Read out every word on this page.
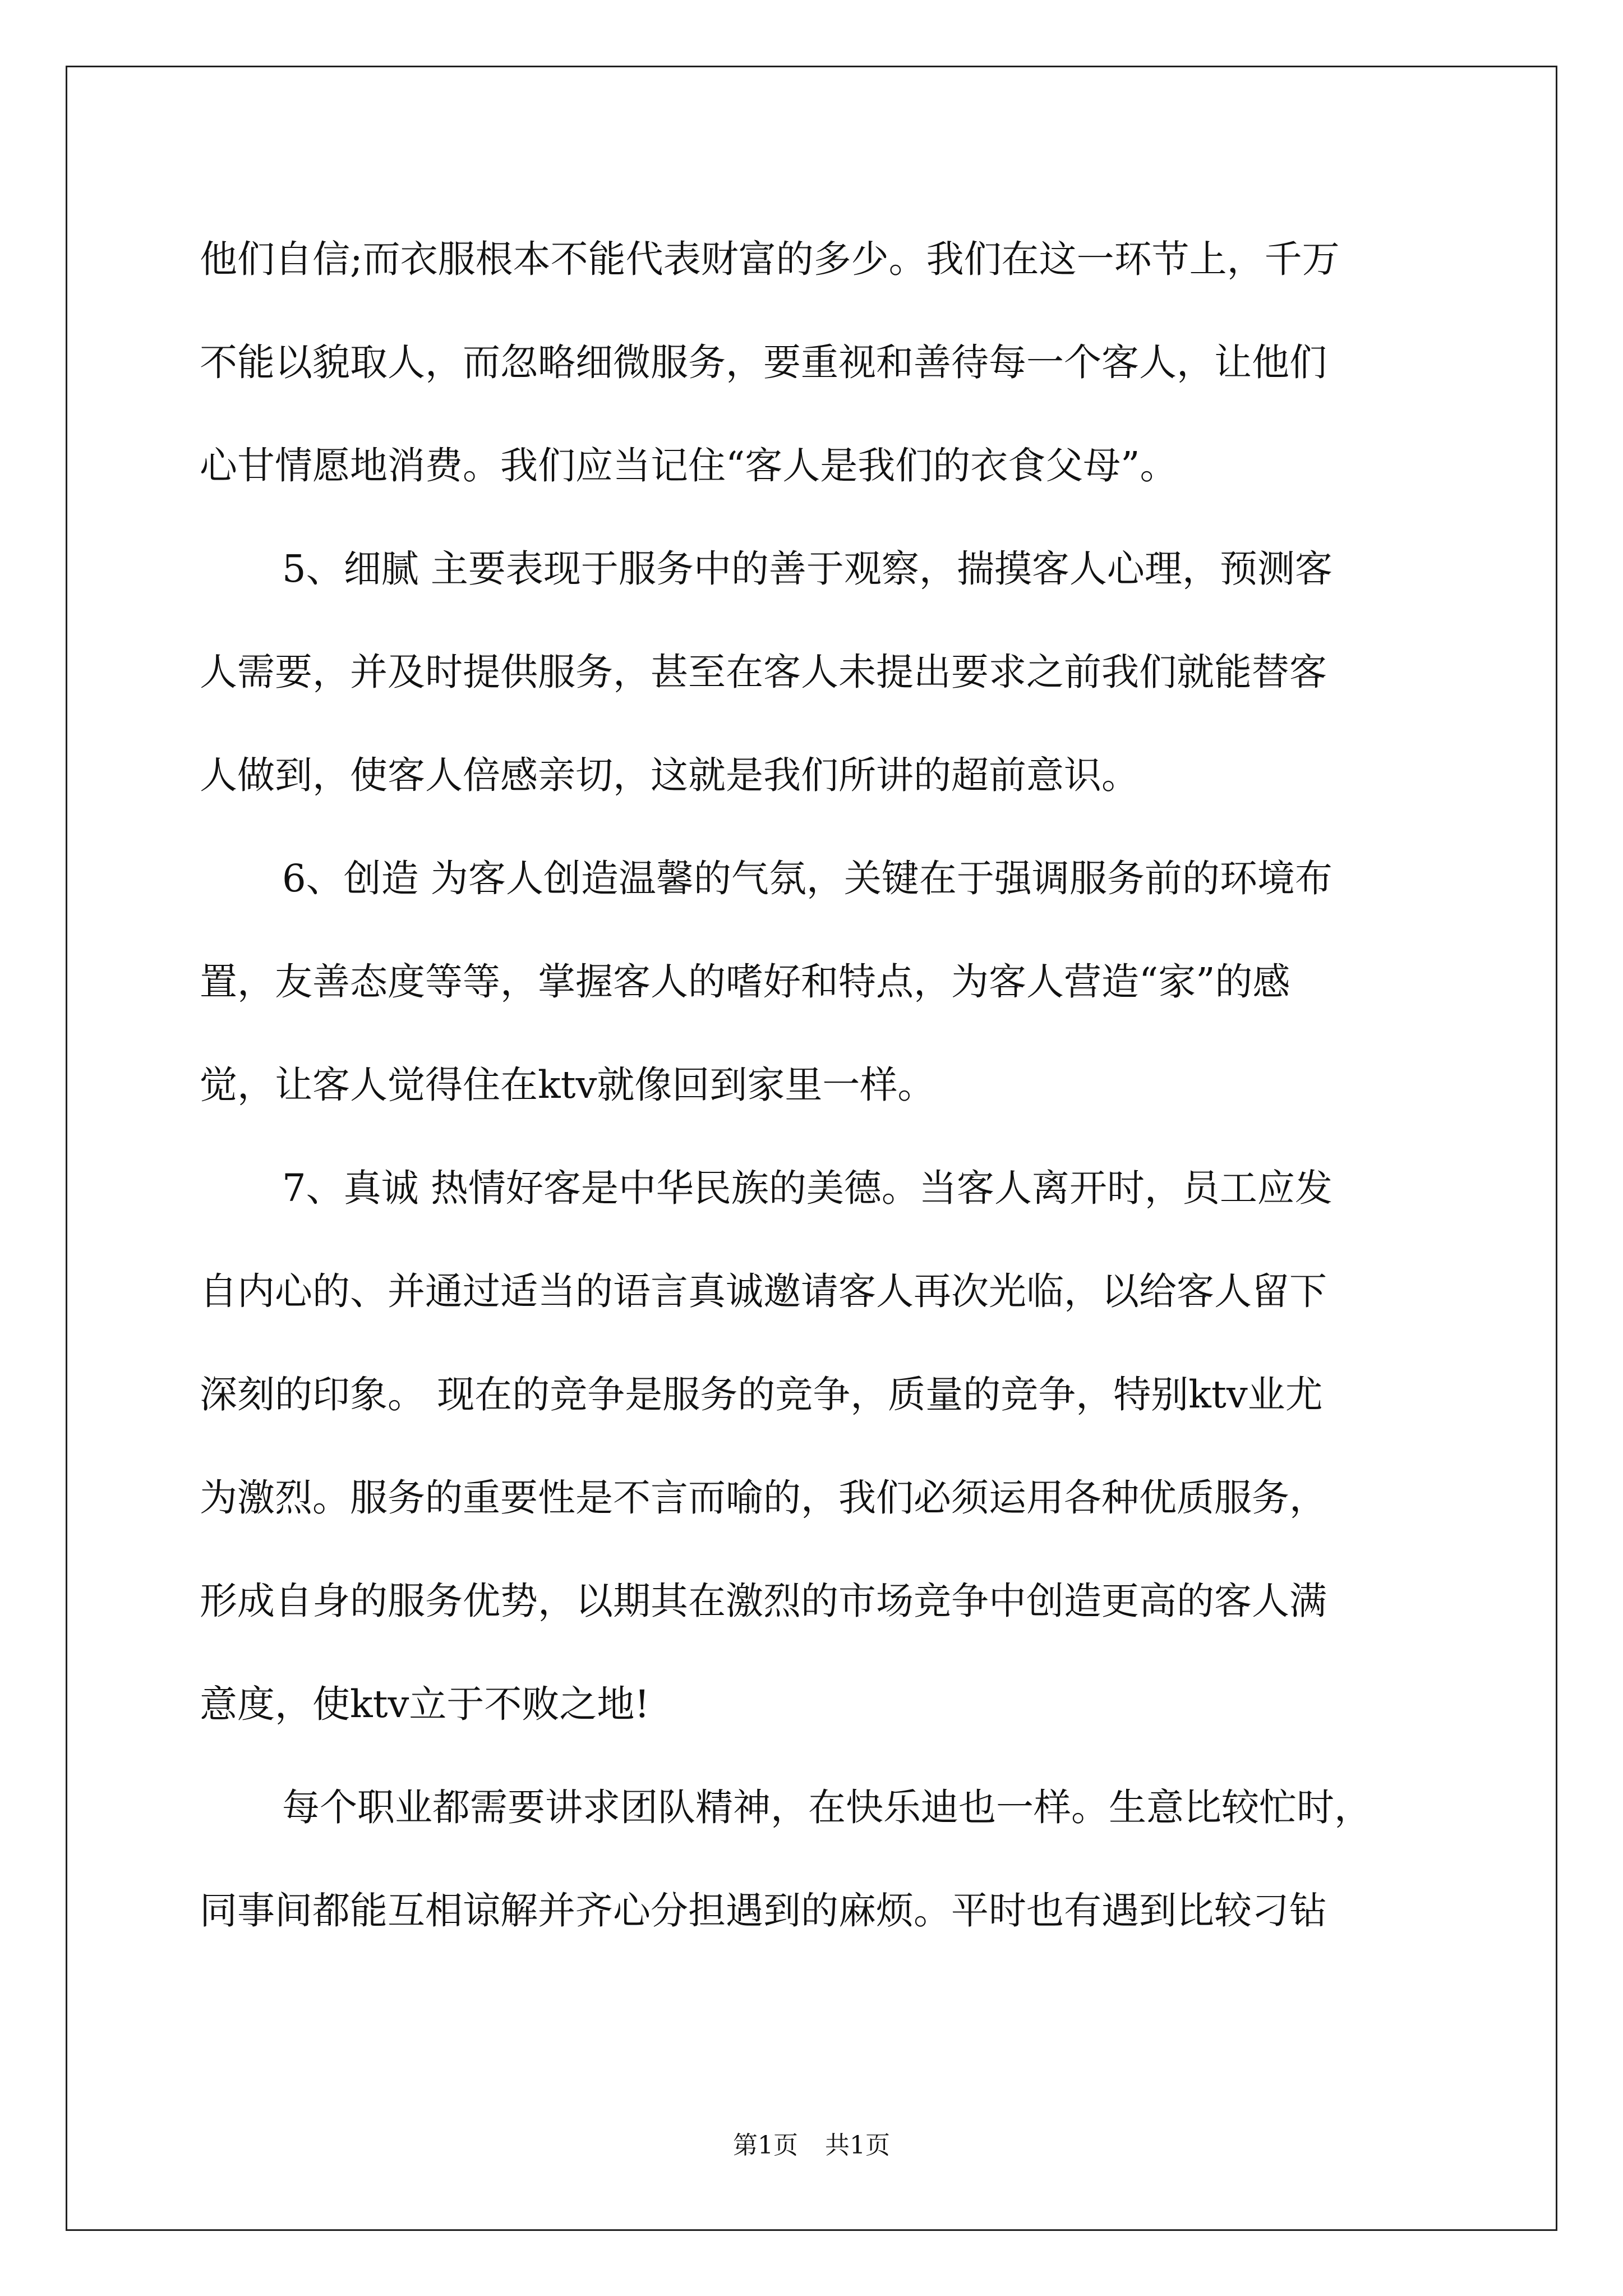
他们自信;而衣服根本不能代表财富的多少。我们在这一环节上，千万
不能以貌取人，而忽略细微服务，要重视和善待每一个客人，让他们
心甘情愿地消费。我们应当记住“客人是我们的衣食父母”。
5、细腻 主要表现于服务中的善于观察，揣摸客人心理，预测客
人需要，并及时提供服务，甚至在客人未提出要求之前我们就能替客
人做到，使客人倍感亲切，这就是我们所讲的超前意识。
6、创造 为客人创造温馨的气氛，关键在于强调服务前的环境布
置，友善态度等等，掌握客人的嗜好和特点，为客人营造“家”的感
觉，让客人觉得住在ktv就像回到家里一样。
7、真诚 热情好客是中华民族的美德。当客人离开时，员工应发
自内心的、并通过适当的语言真诚邀请客人再次光临，以给客人留下
深刻的印象。 现在的竞争是服务的竞争，质量的竞争，特别ktv业尤
为激烈。服务的重要性是不言而喻的，我们必须运用各种优质服务，
形成自身的服务优势，以期其在激烈的市场竞争中创造更高的客人满
意度，使ktv立于不败之地!
每个职业都需要讲求团队精神，在快乐迪也一样。生意比较忙时，
同事间都能互相谅解并齐心分担遇到的麻烦。平时也有遇到比较刁钻
第1页 共1页
